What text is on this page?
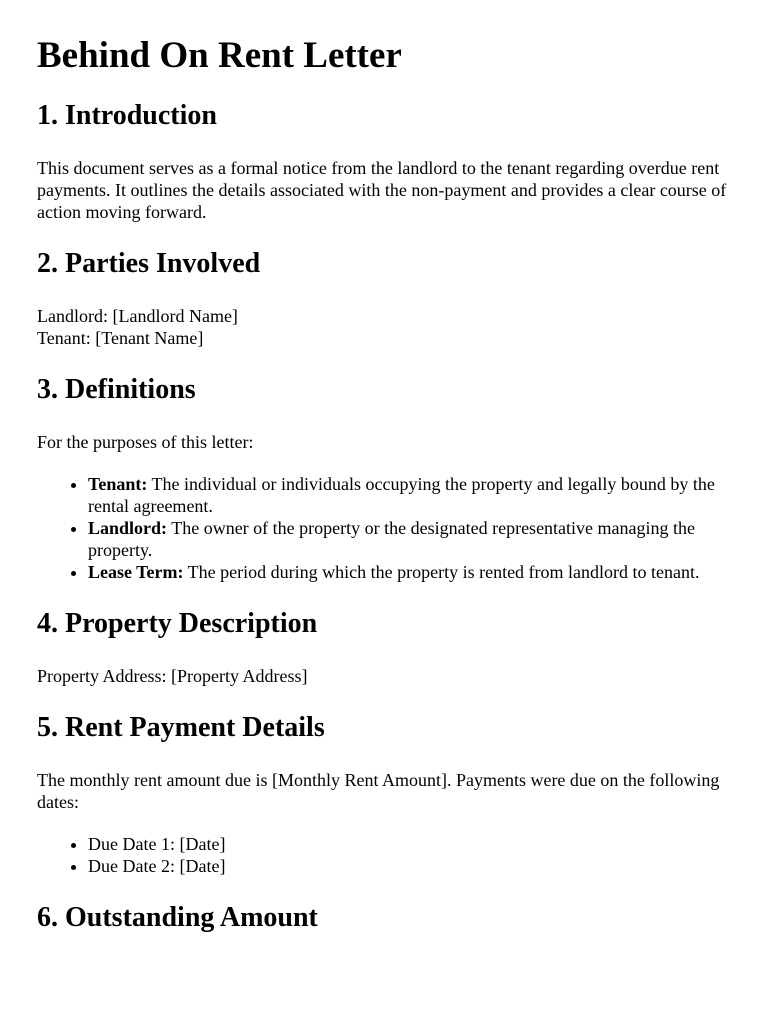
Behind On Rent Letter
1. Introduction

This document serves as a formal notice from the landlord to the tenant regarding overdue rent payments. It outlines the details associated with the non-payment and provides a clear course of action moving forward.

2. Parties Involved

Landlord: [Landlord Name]

Tenant: [Tenant Name]

3. Definitions

For the purposes of this letter:

• Tenant: The individual or individuals occupying the property and legally bound by the rental agreement.
• Landlord: The owner of the property or the designated representative managing the property.
• Lease Term: The period during which the property is rented from landlord to tenant.
4. Property Description

Property Address: [Property Address]

5. Rent Payment Details

The monthly rent amount due is [Monthly Rent Amount]. Payments were due on the following dates:

• Due Date 1: [Date]
• Due Date 2: [Date]
6. Outstanding Amount
